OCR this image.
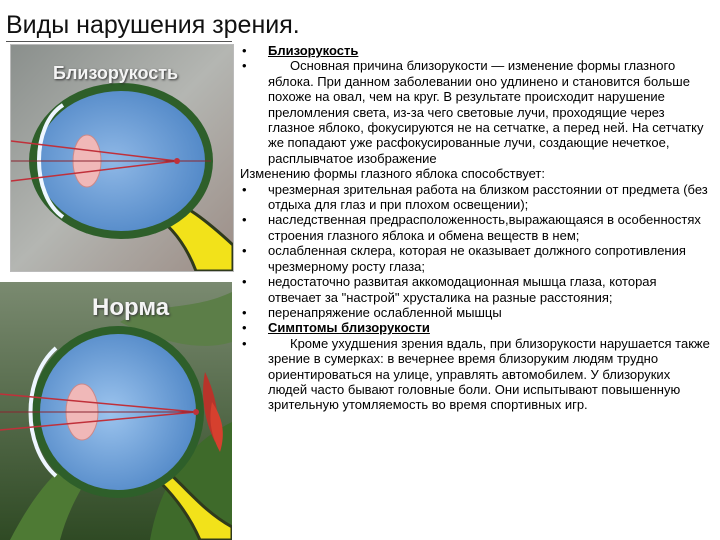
Виды нарушения зрения.
Близорукость
Норма
•	Близорукость
•	Основная причина близорукости — изменение формы глазного яблока. При данном заболевании оно удлинено и становится больше похоже на овал, чем на круг. В результате происходит нарушение преломления света, из-за чего световые лучи, проходящие через глазное яблоко, фокусируются не на сетчатке, а перед ней. На сетчатку же попадают уже расфокусированные лучи, создающие нечеткое, расплывчатое изображение
Изменению формы глазного яблока способствует:
•	чрезмерная зрительная работа на близком расстоянии от предмета (без отдыха для глаз и при плохом освещении);
•	наследственная предрасположенность,выражающаяся в особенностях строения глазного яблока и обмена веществ в нем;
•	ослабленная склера, которая не оказывает должного сопротивления чрезмерному росту глаза;
•	недостаточно развитая аккомодационная мышца глаза, которая отвечает за "настрой" хрусталика на разные расстояния;
•	перенапряжение ослабленной мышцы
•	Симптомы близорукости
•	Кроме ухудшения зрения вдаль, при близорукости нарушается также зрение в сумерках: в вечернее время близоруким людям трудно ориентироваться на улице, управлять автомобилем. У близоруких людей часто бывают головные боли. Они испытывают повышенную зрительную утомляемость во время спортивных игр.
